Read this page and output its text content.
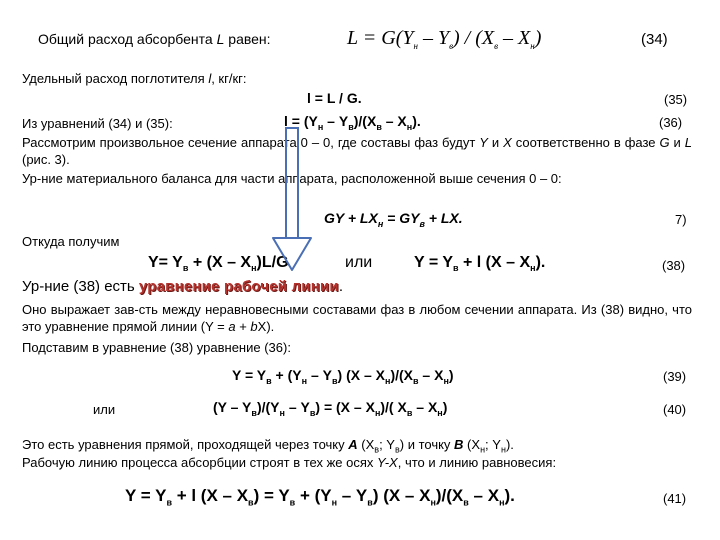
Общий расход абсорбента L равен:	$L = G(Y_н - Y_в) / (X_в - X_н)$	(34)
Удельный расход поглотителя l, кг/кг:
l = L / G.	(35)
Из уравнений (34) и (35):	$l = (Y_н - Y_в)/(X_в - X_н)$.	(36)
Рассмотрим произвольное сечение аппарата 0 – 0, где составы фаз будут Y и X соответственно в фазе G и L (рис. 3).
Ур-ние материального баланса для части аппарата, расположенной выше сечения 0 – 0:
GY + $LX_н = GY_в$ + LX.	7)
Откуда получим
$Y= Y_в + (X - X_н)L/G$	или	$Y = Y_в + l$ $(X - X_н)$.	(38)
Ур-ние (38) есть уравнение рабочей линии.
Оно выражает зав-сть между неравновесными составами фаз в любом сечении аппарата. Из (38) видно, что это уравнение прямой линии (Y = a + bX).
Подставим в уравнение (38) уравнение (36):
$Y = Y_в + (Y_н - Y_в)$ $(X - X_н)/(X_в - X_н)$	(39)
или	$(Y - Y_в)/(Y_н - Y_в) = (X - X_н)/$( $X_в - X_н$)	(40)
Это есть уравнения прямой, проходящей через точку A ($X_в$; $Y_в$) и точку B ($X_н$; $Y_н$).
Рабочую линию процесса абсорбции строят в тех же осях Y-X, что и линию равновесия:
$Y = Y_в + l$ $(X - X_в) = Y_в + (Y_н - Y_в)$ $(X - X_н)/(X_в - X_н)$.	(41)
